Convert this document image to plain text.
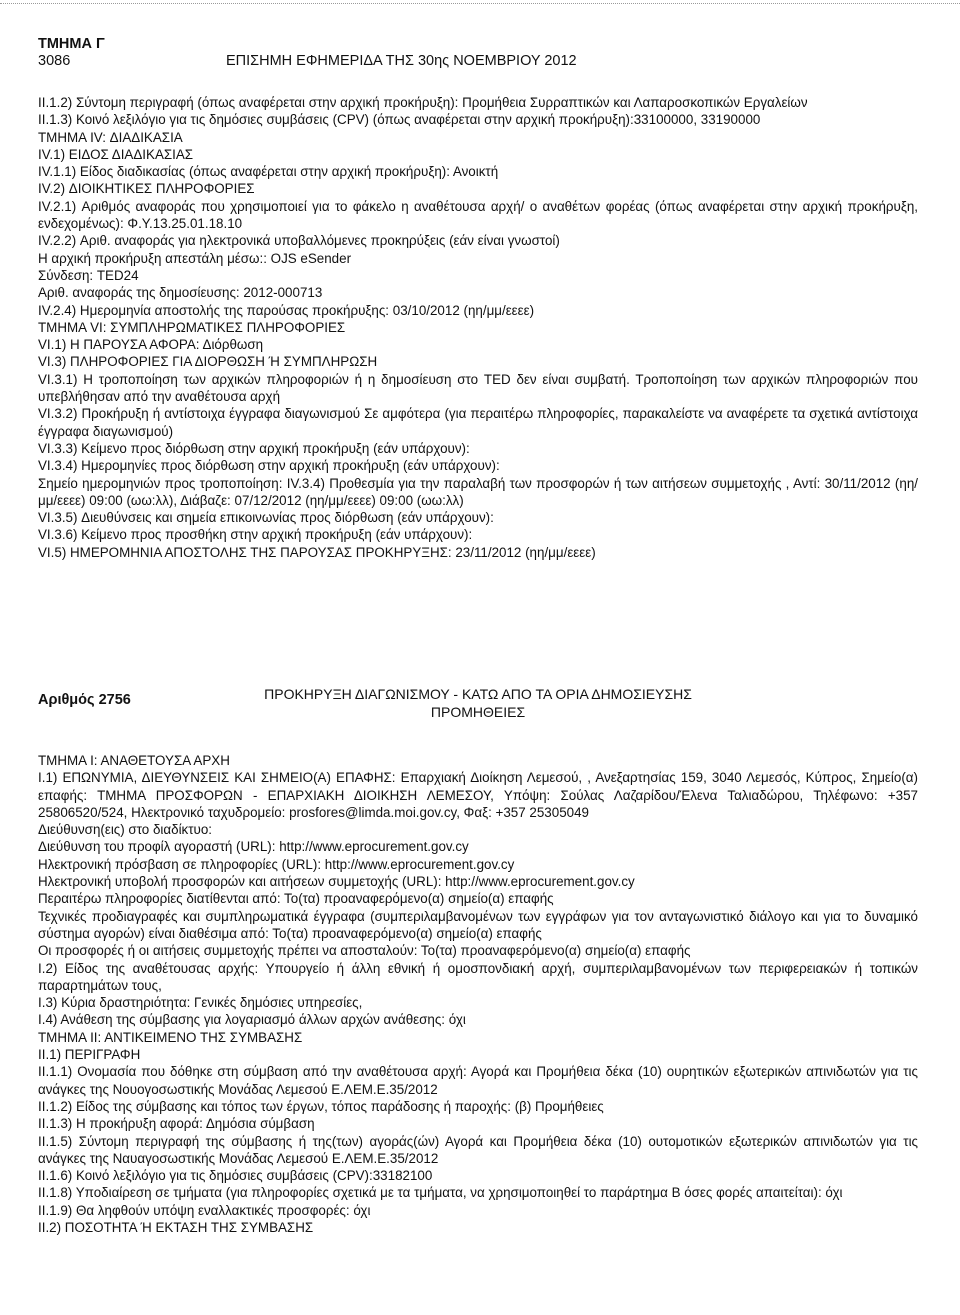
ΤΜΗΜΑ Γ
3086	ΕΠΙΣΗΜΗ ΕΦΗΜΕΡΙΔΑ ΤΗΣ 30ης ΝΟΕΜΒΡΙΟΥ 2012
ΙΙ.1.2) Σύντομη περιγραφή (όπως αναφέρεται στην αρχική προκήρυξη): Προμήθεια Συρραπτικών και Λαπαροσκοπικών Εργαλείων
ΙΙ.1.3) Κοινό λεξιλόγιο για τις δημόσιες συμβάσεις (CPV) (όπως αναφέρεται στην αρχική προκήρυξη):33100000, 33190000
ΤΜΗΜΑ IV: ΔΙΑΔΙΚΑΣΙΑ
IV.1) ΕΙΔΟΣ ΔΙΑΔΙΚΑΣΙΑΣ
IV.1.1) Είδος διαδικασίας (όπως αναφέρεται στην αρχική προκήρυξη): Ανοικτή
IV.2) ΔΙΟΙΚΗΤΙΚΕΣ ΠΛΗΡΟΦΟΡΙΕΣ
IV.2.1) Αριθμός αναφοράς που χρησιμοποιεί για το φάκελο η αναθέτουσα αρχή/ ο αναθέτων φορέας (όπως αναφέρεται στην αρχική προκήρυξη, ενδεχομένως): Φ.Υ.13.25.01.18.10
IV.2.2) Αριθ. αναφοράς για ηλεκτρονικά υποβαλλόμενες προκηρύξεις (εάν είναι γνωστοί)
Η αρχική προκήρυξη απεστάλη μέσω:: OJS eSender
Σύνδεση: TED24
Αριθ. αναφοράς της δημοσίευσης: 2012-000713
IV.2.4) Ημερομηνία αποστολής της παρούσας προκήρυξης: 03/10/2012 (ηη/μμ/εεεε)
ΤΜΗΜΑ VI: ΣΥΜΠΛΗΡΩΜΑΤΙΚΕΣ ΠΛΗΡΟΦΟΡΙΕΣ
VI.1) Η ΠΑΡΟΥΣΑ ΑΦΟΡΑ: Διόρθωση
VI.3) ΠΛΗΡΟΦΟΡΙΕΣ ΓΙΑ ΔΙΟΡΘΩΣΗ Ή ΣΥΜΠΛΗΡΩΣΗ
VI.3.1) Η τροποποίηση των αρχικών πληροφοριών ή η δημοσίευση στο TED δεν είναι συμβατή. Τροποποίηση των αρχικών πληροφοριών που υπεβλήθησαν από την αναθέτουσα αρχή
VI.3.2) Προκήρυξη ή αντίστοιχα έγγραφα διαγωνισμού Σε αμφότερα (για περαιτέρω πληροφορίες, παρακαλείστε να αναφέρετε τα σχετικά αντίστοιχα έγγραφα διαγωνισμού)
VI.3.3) Κείμενο προς διόρθωση στην αρχική προκήρυξη (εάν υπάρχουν):
VI.3.4) Ημερομηνίες προς διόρθωση στην αρχική προκήρυξη (εάν υπάρχουν):
Σημείο ημερομηνιών προς τροποποίηση: IV.3.4) Προθεσμία για την παραλαβή των προσφορών ή των αιτήσεων συμμετοχής , Αντί: 30/11/2012 (ηη/μμ/εεεε) 09:00 (ωω:λλ), Διάβαζε: 07/12/2012 (ηη/μμ/εεεε) 09:00 (ωω:λλ)
VI.3.5) Διευθύνσεις και σημεία επικοινωνίας προς διόρθωση (εάν υπάρχουν):
VI.3.6) Κείμενο προς προσθήκη στην αρχική προκήρυξη (εάν υπάρχουν):
VI.5) ΗΜΕΡΟΜΗΝΙΑ ΑΠΟΣΤΟΛΗΣ ΤΗΣ ΠΑΡΟΥΣΑΣ ΠΡΟΚΗΡΥΞΗΣ: 23/11/2012 (ηη/μμ/εεεε)
Αριθμός 2756	ΠΡΟΚΗΡΥΞΗ ΔΙΑΓΩΝΙΣΜΟΥ - ΚΑΤΩ ΑΠΟ ΤΑ ΟΡΙΑ ΔΗΜΟΣΙΕΥΣΗΣ
ΠΡΟΜΗΘΕΙΕΣ
ΤΜΗΜΑ Ι: ΑΝΑΘΕΤΟΥΣΑ ΑΡΧΗ
Ι.1) ΕΠΩΝΥΜΙΑ, ΔΙΕΥΘΥΝΣΕΙΣ ΚΑΙ ΣΗΜΕΙΟ(Α) ΕΠΑΦΗΣ: Επαρχιακή Διοίκηση Λεμεσού, , Ανεξαρτησίας 159, 3040 Λεμεσός, Κύπρος, Σημείο(α) επαφής: ΤΜΗΜΑ ΠΡΟΣΦΟΡΩΝ - ΕΠΑΡΧΙΑΚΗ ΔΙΟΙΚΗΣΗ ΛΕΜΕΣΟΥ, Υπόψη: Σούλας Λαζαρίδου/Έλενα Ταλιαδώρου, Τηλέφωνο: +357 25806520/524, Ηλεκτρονικό ταχυδρομείο: prosfores@limda.moi.gov.cy, Φαξ: +357 25305049
Διεύθυνση(εις) στο διαδίκτυο:
Διεύθυνση του προφίλ αγοραστή (URL): http://www.eprocurement.gov.cy
Ηλεκτρονική πρόσβαση σε πληροφορίες (URL): http://www.eprocurement.gov.cy
Ηλεκτρονική υποβολή προσφορών και αιτήσεων συμμετοχής (URL): http://www.eprocurement.gov.cy
Περαιτέρω πληροφορίες διατίθενται από: Το(τα) προαναφερόμενο(α) σημείο(α) επαφής
Τεχνικές προδιαγραφές και συμπληρωματικά έγγραφα (συμπεριλαμβανομένων των εγγράφων για τον ανταγωνιστικό διάλογο και για το δυναμικό σύστημα αγορών) είναι διαθέσιμα από: Το(τα) προαναφερόμενο(α) σημείο(α) επαφής
Οι προσφορές ή οι αιτήσεις συμμετοχής πρέπει να αποσταλούν: Το(τα) προαναφερόμενο(α) σημείο(α) επαφής
Ι.2) Είδος της αναθέτουσας αρχής: Υπουργείο ή άλλη εθνική ή ομοσπονδιακή αρχή, συμπεριλαμβανομένων των περιφερειακών ή τοπικών παραρτημάτων τους,
Ι.3) Κύρια δραστηριότητα: Γενικές δημόσιες υπηρεσίες,
Ι.4) Ανάθεση της σύμβασης για λογαριασμό άλλων αρχών ανάθεσης: όχι
ΤΜΗΜΑ ΙΙ: ΑΝΤΙΚΕΙΜΕΝΟ ΤΗΣ ΣΥΜΒΑΣΗΣ
ΙΙ.1) ΠΕΡΙΓΡΑΦΗ
ΙΙ.1.1) Ονομασία που δόθηκε στη σύμβαση από την αναθέτουσα αρχή: Αγορά και Προμήθεια δέκα (10) ουρητικών εξωτερικών απινιδωτών για τις ανάγκες της Νουογοσωστικής Μονάδας Λεμεσού Ε.ΛΕΜ.Ε.35/2012
ΙΙ.1.2) Είδος της σύμβασης και τόπος των έργων, τόπος παράδοσης ή παροχής: (β) Προμήθειες
ΙΙ.1.3) Η προκήρυξη αφορά: Δημόσια σύμβαση
ΙΙ.1.5) Σύντομη περιγραφή της σύμβασης ή της(των) αγοράς(ών) Αγορά και Προμήθεια δέκα (10) ουτομοτικών εξωτερικών απινιδωτών για τις ανάγκες της Ναυαγοσωστικής Μονάδας Λεμεσού Ε.ΛΕΜ.Ε.35/2012
ΙΙ.1.6) Κοινό λεξιλόγιο για τις δημόσιες συμβάσεις (CPV):33182100
ΙΙ.1.8) Υποδιαίρεση σε τμήματα (για πληροφορίες σχετικά με τα τμήματα, να χρησιμοποιηθεί το παράρτημα Β όσες φορές απαιτείται): όχι
ΙΙ.1.9) Θα ληφθούν υπόψη εναλλακτικές προσφορές: όχι
ΙΙ.2) ΠΟΣΟΤΗΤΑ Ή ΕΚΤΑΣΗ ΤΗΣ ΣΥΜΒΑΣΗΣ
